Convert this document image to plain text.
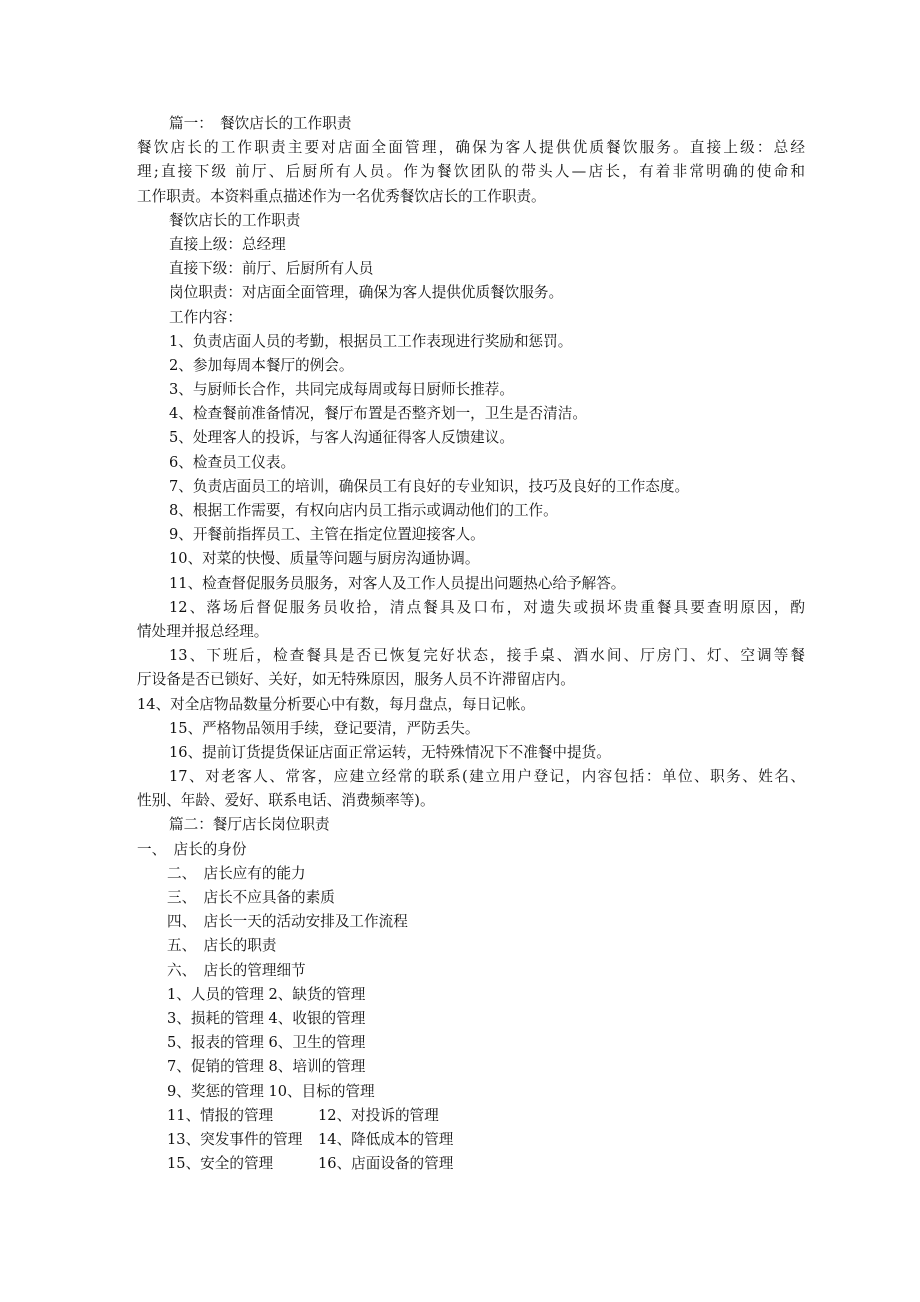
篇一：　餐饮店长的工作职责
餐饮店长的工作职责主要对店面全面管理，确保为客人提供优质餐饮服务。直接上级：总经
理;直接下级 前厅、后厨所有人员。作为餐饮团队的带头人—店长，有着非常明确的使命和
工作职责。本资料重点描述作为一名优秀餐饮店长的工作职责。
餐饮店长的工作职责
直接上级：总经理
直接下级：前厅、后厨所有人员
岗位职责：对店面全面管理，确保为客人提供优质餐饮服务。
工作内容：
1、负责店面人员的考勤，根据员工工作表现进行奖励和惩罚。
2、参加每周本餐厅的例会。
3、与厨师长合作，共同完成每周或每日厨师长推荐。
4、检查餐前准备情况，餐厅布置是否整齐划一，卫生是否清洁。
5、处理客人的投诉，与客人沟通征得客人反馈建议。
6、检查员工仪表。
7、负责店面员工的培训，确保员工有良好的专业知识，技巧及良好的工作态度。
8、根据工作需要，有权向店内员工指示或调动他们的工作。
9、开餐前指挥员工、主管在指定位置迎接客人。
10、对菜的快慢、质量等问题与厨房沟通协调。
11、检查督促服务员服务，对客人及工作人员提出问题热心给予解答。
12、落场后督促服务员收拾，清点餐具及口布，对遗失或损坏贵重餐具要查明原因，酌
情处理并报总经理。
13、下班后，检查餐具是否已恢复完好状态，接手桌、酒水间、厅房门、灯、空调等餐
厅设备是否已锁好、关好，如无特殊原因，服务人员不许滞留店内。
14、对全店物品数量分析要心中有数，每月盘点，每日记帐。
15、严格物品领用手续，登记要清，严防丢失。
16、提前订货提货保证店面正常运转，无特殊情况下不准餐中提货。
17、对老客人、常客，应建立经常的联系(建立用户登记，内容包括：单位、职务、姓名、
性别、年龄、爱好、联系电话、消费频率等)。
篇二：餐厅店长岗位职责
一、　店长的身份
二、　店长应有的能力
三、　店长不应具备的素质
四、　店长一天的活动安排及工作流程
五、　店长的职责
六、　店长的管理细节
1、人员的管理 2、缺货的管理
3、损耗的管理 4、收银的管理
5、报表的管理 6、卫生的管理
7、促销的管理 8、培训的管理
9、奖惩的管理 10、目标的管理
11、情报的管理	12、对投诉的管理
13、突发事件的管理	14、降低成本的管理
15、安全的管理	16、店面设备的管理
